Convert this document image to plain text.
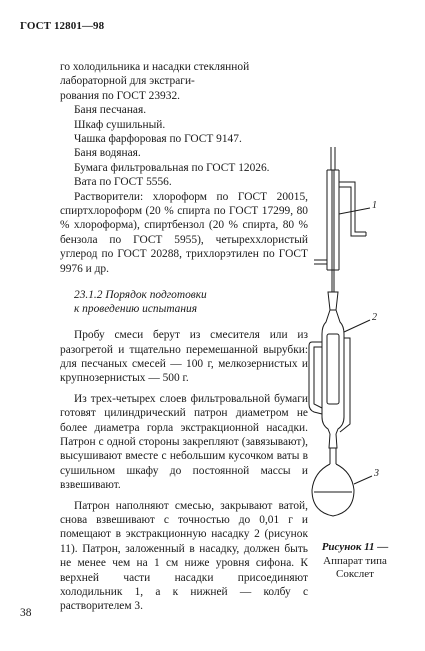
ГОСТ 12801—98

го холодильника и насадки стеклянной лабораторной для экстраги-

рования по ГОСТ 23932.

Баня песчаная.

Шкаф сушильный.

Чашка фарфоровая по ГОСТ 9147.

Баня водяная.

Бумага фильтровальная по ГОСТ 12026.

Вата по ГОСТ 5556.

Растворители: хлороформ по ГОСТ 20015, спиртхлороформ (20 % спирта по ГОСТ 17299, 80 % хлороформа), спиртбензол (20 % спирта, 80 % бензола по ГОСТ 5955), четыреххлористый углерод по ГОСТ 20288, трихлорэтилен по ГОСТ 9976 и др.

23.1.2 Порядок подготовки
к проведению испытания

Пробу смеси берут из смесителя или из разогретой и тщательно перемешанной вырубки: для песчаных смесей — 100 г, мелкозернистых и крупнозернистых — 500 г.

Из трех-четырех слоев фильтровальной бумаги готовят цилиндрический патрон диаметром не более диаметра горла экстракционной насадки. Патрон с одной стороны закрепляют (завязывают), высушивают вместе с небольшим кусочком ваты в сушильном шкафу до постоянной массы и взвешивают.

Патрон наполняют смесью, закрывают ватой, снова взвешивают с точностью до 0,01 г и помещают в экстракционную насадку 2 (рисунок 11). Патрон, заложенный в насадку, должен быть не менее чем на 1 см ниже уровня сифона. К верхней части насадки присоединяют холодильник 1, а к нижней — колбу с растворителем 3.

1
2
3
Рисунок 11 —
Аппарат типа
Сокслет
38
